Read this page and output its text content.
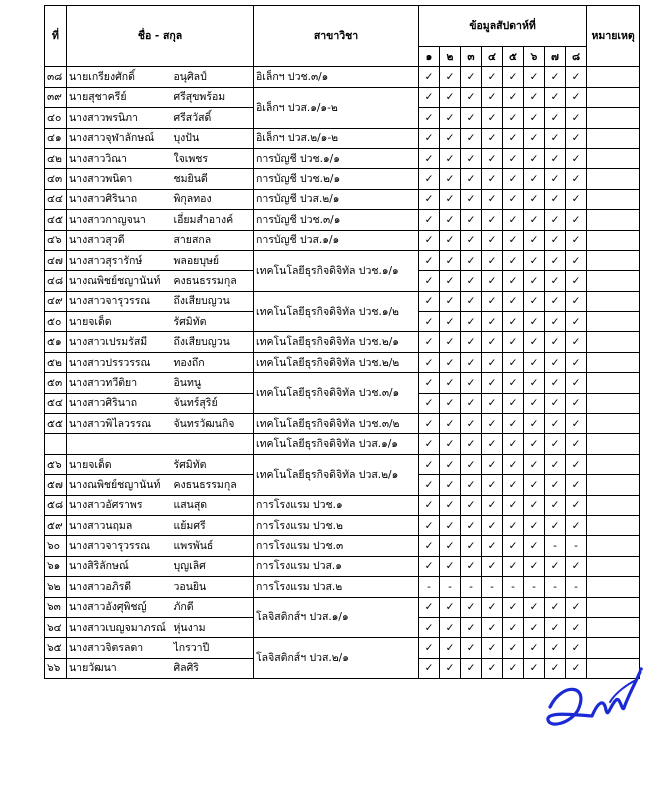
ที่	ชื่อ - สกุล		สาขาวิชา	ข้อมูลสัปดาห์ที่								หมายเหตุ
				๑	๒	๓	๔	๕	๖	๗	๘	
๓๘	นายเกรียงศักดิ์	อนุศิลป์	อิเล็กฯ ปวช.๓/๑	✓	✓	✓	✓	✓	✓	✓	✓	
๓๙	นายสุชาครีย์	ศรีสุขพร้อม	อิเล็กฯ ปวส.๑/๑-๒	✓	✓	✓	✓	✓	✓	✓	✓	
๔๐	นางสาวพรนิภา	ศรีสวัสดิ์		✓	✓	✓	✓	✓	✓	✓	✓	
๔๑	นางสาวจุฬาลักษณ์	บุงปัน	อิเล็กฯ ปวส.๒/๑-๒	✓	✓	✓	✓	✓	✓	✓	✓	
๔๒	นางสาววิณา	ใจเพชร	การบัญชี ปวช.๑/๑	✓	✓	✓	✓	✓	✓	✓	✓	
๔๓	นางสาวพนิดา	ชมยินดี	การบัญชี ปวช.๒/๑	✓	✓	✓	✓	✓	✓	✓	✓	
๔๔	นางสาวศิรินาถ	พิกุลทอง	การบัญชี ปวส.๒/๑	✓	✓	✓	✓	✓	✓	✓	✓	
๔๕	นางสาวกาญจนา	เอี่ยมสำอางค์	การบัญชี ปวช.๓/๑	✓	✓	✓	✓	✓	✓	✓	✓	
๔๖	นางสาวสุวดี	สายสกล	การบัญชี ปวส.๑/๑	✓	✓	✓	✓	✓	✓	✓	✓	
๔๗	นางสาวสุรารักษ์	พลอยบุษย์	เทคโนโลยีธุรกิจดิจิทัล ปวช.๑/๑	✓	✓	✓	✓	✓	✓	✓	✓	
๔๘	นางณพิชย์ชญานันท์	คงธนธรรมกุล		✓	✓	✓	✓	✓	✓	✓	✓	
๔๙	นางสาวจารุวรรณ	ถึงเสียบญวน	เทคโนโลยีธุรกิจดิจิทัล ปวช.๑/๒	✓	✓	✓	✓	✓	✓	✓	✓	
๕๐	นายจเด็ด	รัศมิทัต		✓	✓	✓	✓	✓	✓	✓	✓	
๕๑	นางสาวเปรมรัสมี	ถึงเสียบญวน	เทคโนโลยีธุรกิจดิจิทัล ปวช.๒/๑	✓	✓	✓	✓	✓	✓	✓	✓	
๕๒	นางสาวปรรวรรณ	ทองถึก	เทคโนโลยีธุรกิจดิจิทัล ปวช.๒/๒	✓	✓	✓	✓	✓	✓	✓	✓	
๕๓	นางสาวทวีติยา	อินทนู	เทคโนโลยีธุรกิจดิจิทัล ปวช.๓/๑	✓	✓	✓	✓	✓	✓	✓	✓	
๕๔	นางสาวศิรินาถ	จันทร์สุริย์		✓	✓	✓	✓	✓	✓	✓	✓	
๕๕	นางสาวพิไลวรรณ	จันทรวัฒนกิจ	เทคโนโลยีธุรกิจดิจิทัล ปวช.๓/๒	✓	✓	✓	✓	✓	✓	✓	✓	

			เทคโนโลยีธุรกิจดิจิทัล ปวส.๑/๑	✓	✓	✓	✓	✓	✓	✓	✓	
๕๖	นายจเด็ด	รัศมิทัต	เทคโนโลยีธุรกิจดิจิทัล ปวส.๒/๑	✓	✓	✓	✓	✓	✓	✓	✓	
๕๗	นางณพิชย์ชญานันท์	คงธนธรรมกุล		✓	✓	✓	✓	✓	✓	✓	✓	
๕๘	นางสาวอัศราพร	แสนสุด	การโรงแรม ปวช.๑	✓	✓	✓	✓	✓	✓	✓	✓	
๕๙	นางสาวนฤมล	แย้มศรี	การโรงแรม ปวช.๒	✓	✓	✓	✓	✓	✓	✓	✓	
๖๐	นางสาวจารุวรรณ	แพรพันธ์	การโรงแรม ปวช.๓	✓	✓	✓	✓	✓	✓	-	-	
๖๑	นางสิริลักษณ์	บุญเลิศ	การโรงแรม ปวส.๑	✓	✓	✓	✓	✓	✓	✓	✓	
๖๒	นางสาวอภิรดี	วอนยิน	การโรงแรม ปวส.๒	-	-	-	-	-	-	-	-	
๖๓	นางสาวอังศุพิชญ์	ภักดี	โลจิสติกส์ฯ ปวส.๑/๑	✓	✓	✓	✓	✓	✓	✓	✓	
๖๔	นางสาวเบญจมาภรณ์	หุ่นงาม		✓	✓	✓	✓	✓	✓	✓	✓	
๖๕	นางสาวจิตรลดา	ไกรวาปี	โลจิสติกส์ฯ ปวส.๒/๑	✓	✓	✓	✓	✓	✓	✓	✓	
๖๖	นายวัฒนา	ศิลศิริ		✓	✓	✓	✓	✓	✓	✓	✓	
